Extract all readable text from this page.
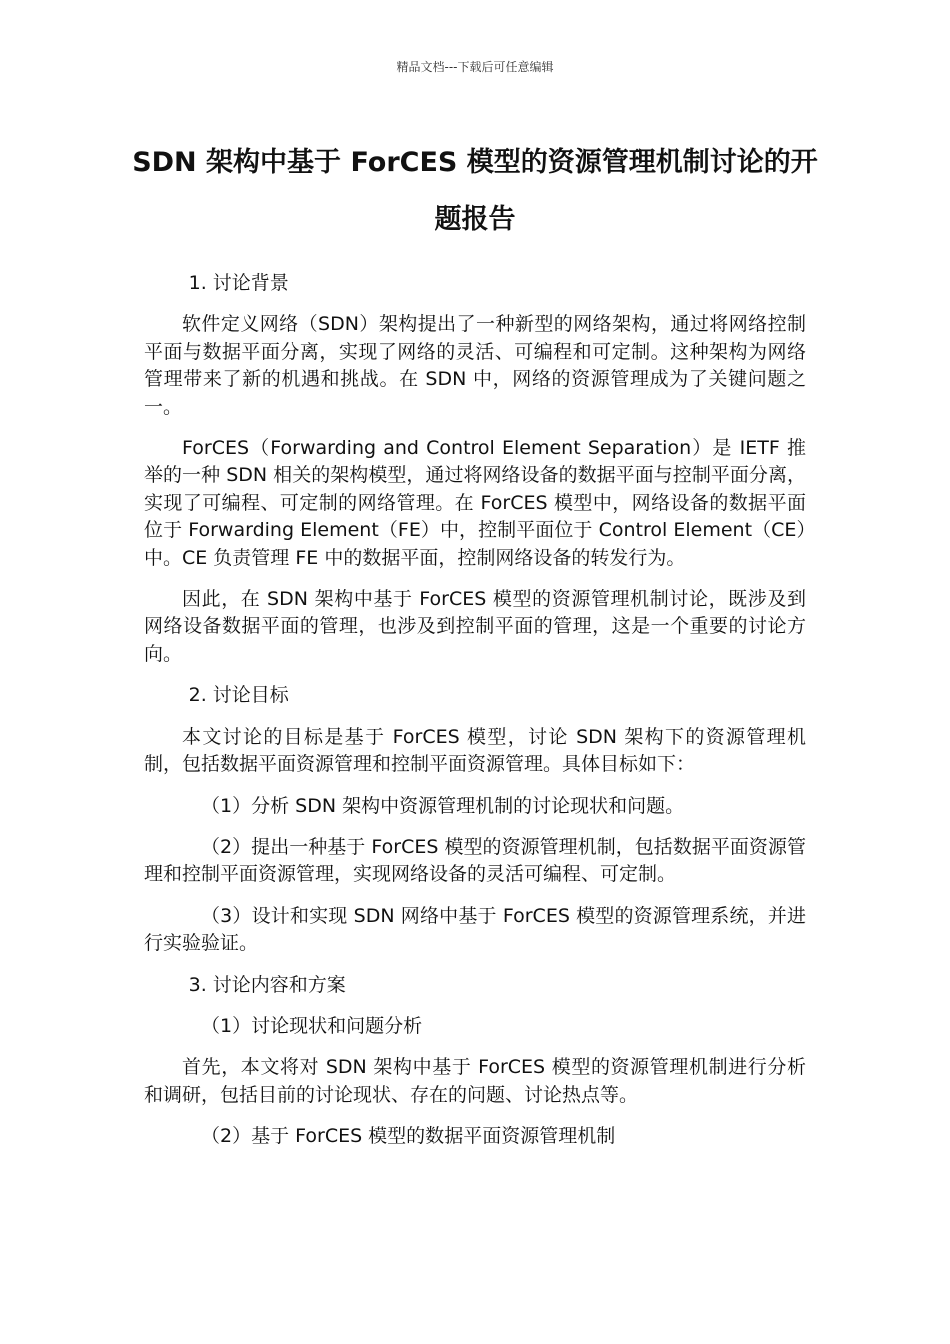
精品文档---下载后可任意编辑
SDN 架构中基于 ForCES 模型的资源管理机制讨论的开题报告

1. 讨论背景

软件定义网络（SDN）架构提出了一种新型的网络架构，通过将网络控制平面与数据平面分离，实现了网络的灵活、可编程和可定制。这种架构为网络管理带来了新的机遇和挑战。在 SDN 中，网络的资源管理成为了关键问题之一。

ForCES（Forwarding and Control Element Separation）是 IETF 推举的一种 SDN 相关的架构模型，通过将网络设备的数据平面与控制平面分离，实现了可编程、可定制的网络管理。在 ForCES 模型中，网络设备的数据平面位于 Forwarding Element（FE）中，控制平面位于 Control Element（CE）中。CE 负责管理 FE 中的数据平面，控制网络设备的转发行为。

因此，在 SDN 架构中基于 ForCES 模型的资源管理机制讨论，既涉及到网络设备数据平面的管理，也涉及到控制平面的管理，这是一个重要的讨论方向。

2. 讨论目标

本文讨论的目标是基于 ForCES 模型，讨论 SDN 架构下的资源管理机制，包括数据平面资源管理和控制平面资源管理。具体目标如下：

（1）分析 SDN 架构中资源管理机制的讨论现状和问题。

（2）提出一种基于 ForCES 模型的资源管理机制，包括数据平面资源管理和控制平面资源管理，实现网络设备的灵活可编程、可定制。

（3）设计和实现 SDN 网络中基于 ForCES 模型的资源管理系统，并进行实验验证。

3. 讨论内容和方案

（1）讨论现状和问题分析

首先，本文将对 SDN 架构中基于 ForCES 模型的资源管理机制进行分析和调研，包括目前的讨论现状、存在的问题、讨论热点等。

（2）基于 ForCES 模型的数据平面资源管理机制
